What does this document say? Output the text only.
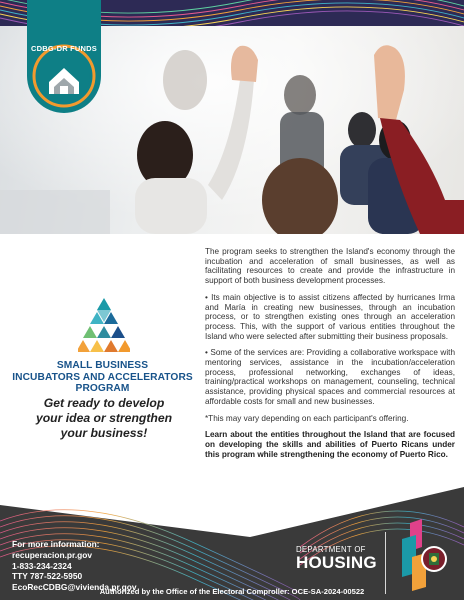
CDBG-DR FUNDS
SMALL BUSINESS
INCUBATORS AND ACCELERATORS
PROGRAM
Get ready to develop
your idea or strengthen
your business!

The program seeks to strengthen the Island's economy through the incubation and acceleration of small businesses, as well as facilitating resources to create and provide the infrastructure in support of both business development processes.

• Its main objective is to assist citizens affected by hurricanes Irma and María in creating new businesses, through an incubation process, or to strengthen existing ones through an acceleration process. This, with the support of various entities throughout the Island who were selected after submitting their business proposals.

• Some of the services are: Providing a collaborative workspace with mentoring services, assistance in the incubation/acceleration process, professional networking, exchanges of ideas, training/practical workshops on management, counseling, technical assistance, providing physical spaces and commercial resources at affordable costs for small and new businesses.

*This may vary depending on each participant's offering.

Learn about the entities throughout the Island that are focused on developing the skills and abilities of Puerto Ricans under this program while strengthening the economy of Puerto Rico.

For more information:
recuperacion.pr.gov
1-833-234-2324
TTY 787-522-5950
EcoRecCDBG@vivienda.pr.gov
DEPARTMENT OF
HOUSING
Authorized by the Office of the Electoral Comproller: OCE-SA-2024-00522
